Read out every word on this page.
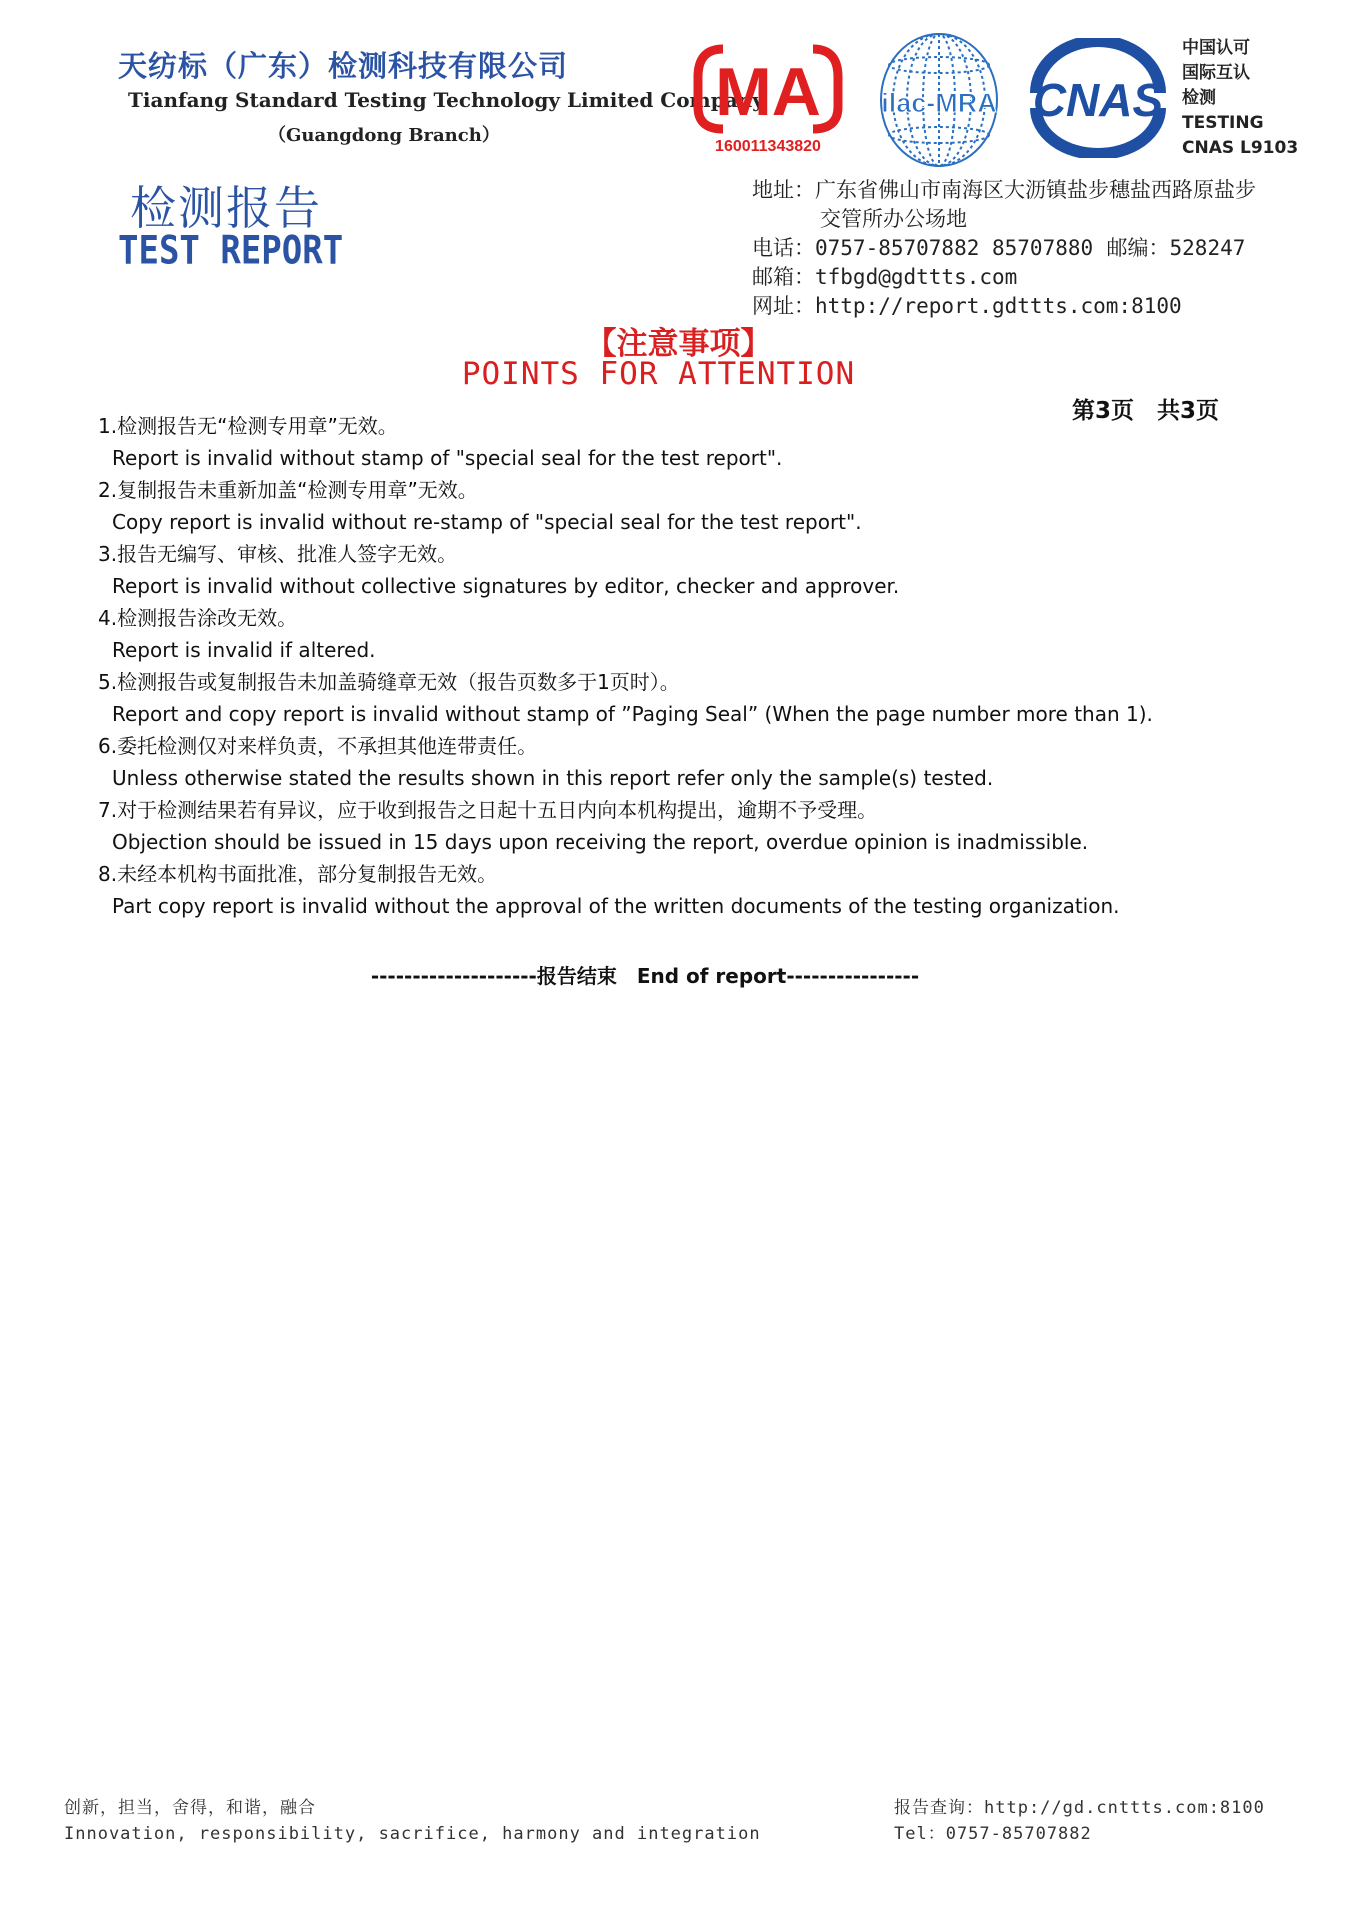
天纺标（广东）检测科技有限公司
Tianfang Standard Testing Technology Limited Company
（Guangdong Branch）
检测报告
TEST REPORT
MA
160011343820
ilac-MRA CNAS
中国认可
国际互认
检测
TESTING
CNAS L9103
地址：广东省佛山市南海区大沥镇盐步穗盐西路原盐步
交管所办公场地
电话：0757-85707882 85707880 邮编：528247
邮箱：tfbgd@gdttts.com
网址：http://report.gdttts.com:8100
【注意事项】
POINTS FOR ATTENTION
第3页　共3页
1.检测报告无“检测专用章”无效。
Report is invalid without stamp of "special seal for the test report".
2.复制报告未重新加盖“检测专用章”无效。
Copy report is invalid without re-stamp of "special seal for the test report".
3.报告无编写、审核、批准人签字无效。
Report is invalid without collective signatures by editor, checker and approver.
4.检测报告涂改无效。
Report is invalid if altered.
5.检测报告或复制报告未加盖骑缝章无效（报告页数多于1页时）。
Report and copy report is invalid without stamp of ”Paging Seal” (When the page number more than 1).
6.委托检测仅对来样负责，不承担其他连带责任。
Unless otherwise stated the results shown in this report refer only the sample(s) tested.
7.对于检测结果若有异议，应于收到报告之日起十五日内向本机构提出，逾期不予受理。
Objection should be issued in 15 days upon receiving the report, overdue opinion is inadmissible.
8.未经本机构书面批准，部分复制报告无效。
Part copy report is invalid without the approval of the written documents of the testing organization.
--------------------报告结束　End of report----------------
创新，担当，舍得，和谐，融合
Innovation, responsibility, sacrifice, harmony and integration
报告查询：http://gd.cnttts.com:8100
Tel：0757-85707882
